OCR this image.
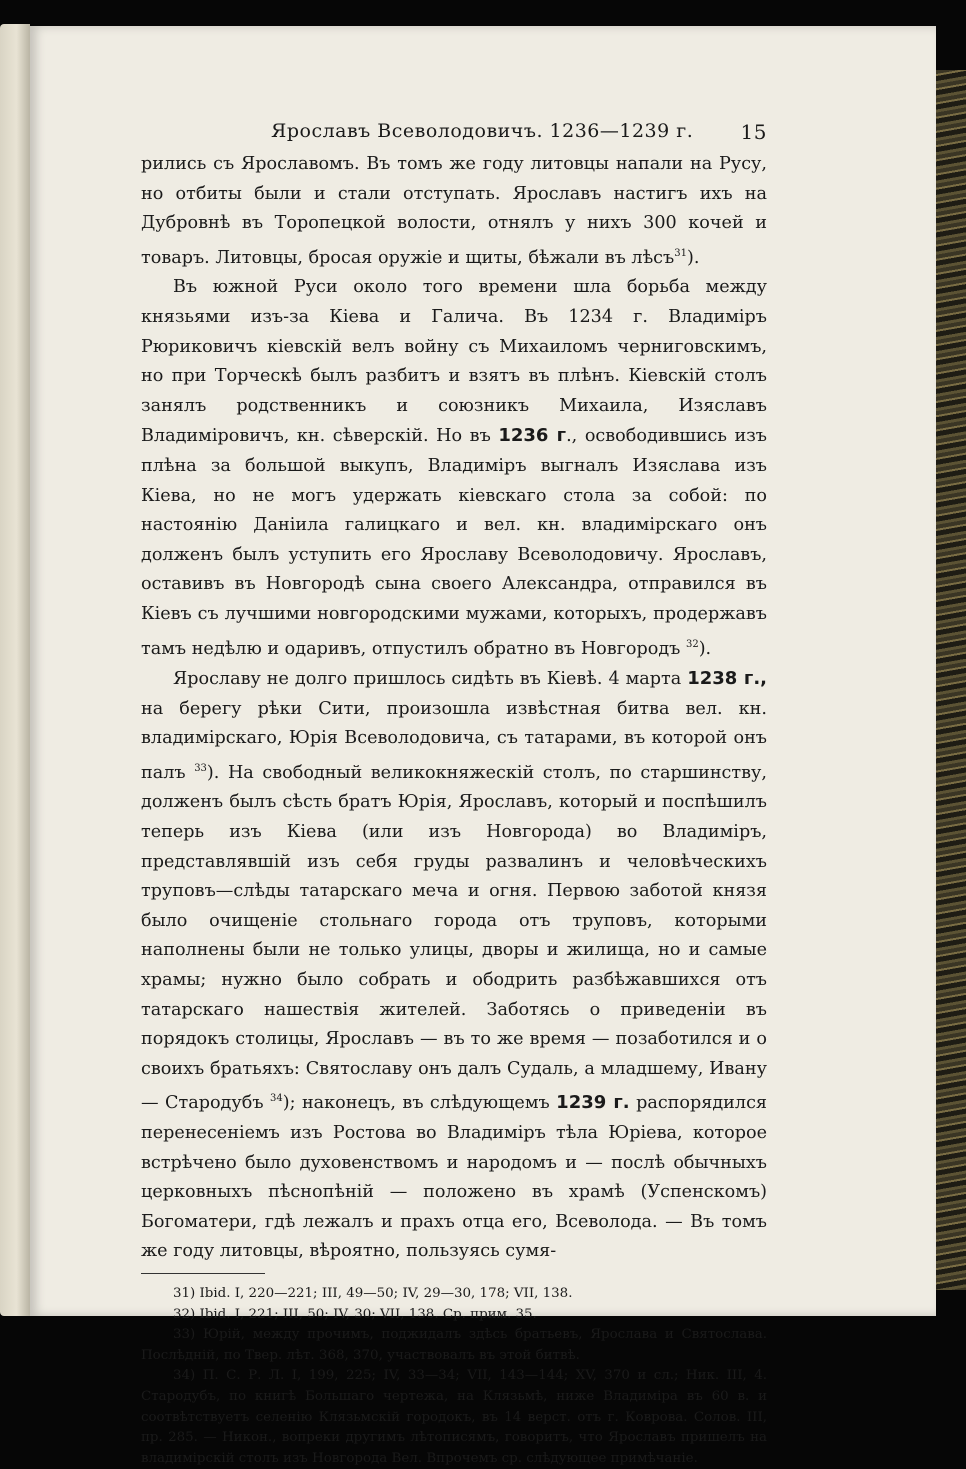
Ярославъ Всеволодовичъ. 1236—1239 г. 15

рились съ Ярославомъ. Въ томъ же году литовцы напали на Русу, но отбиты были и стали отступать. Ярославъ настигъ ихъ на Дубровнѣ въ Торопецкой волости, отнялъ у нихъ 300 кочей и товаръ. Литовцы, бросая оружіе и щиты, бѣжали въ лѣсъ$^{31}$).

Въ южной Руси около того времени шла борьба между князьями изъ-за Кіева и Галича. Въ 1234 г. Владиміръ Рюриковичъ кіевскій велъ войну съ Михаиломъ черниговскимъ, но при Торческѣ былъ разбитъ и взятъ въ плѣнъ. Кіевскій столъ занялъ родственникъ и союзникъ Михаила, Изяславъ Владиміровичъ, кн. сѣверскій. Но въ 1236 г., освободившись изъ плѣна за большой выкупъ, Владиміръ выгналъ Изяслава изъ Кіева, но не могъ удержать кіевскаго стола за собой: по настоянію Даніила галицкаго и вел. кн. владимірскаго онъ долженъ былъ уступить его Ярославу Всеволодовичу. Ярославъ, оставивъ въ Новгородѣ сына своего Александра, отправился въ Кіевъ съ лучшими новгородскими мужами, которыхъ, продержавъ тамъ недѣлю и одаривъ, отпустилъ обратно въ Новгородъ $^{32}$).

Ярославу не долго пришлось сидѣть въ Кіевѣ. 4 марта 1238 г., на берегу рѣки Сити, произошла извѣстная битва вел. кн. владимірскаго, Юрія Всеволодовича, съ татарами, въ которой онъ палъ $^{33}$). На свободный великокняжескій столъ, по старшинству, долженъ былъ сѣсть братъ Юрія, Ярославъ, который и поспѣшилъ теперь изъ Кіева (или изъ Новгорода) во Владиміръ, представлявшій изъ себя груды развалинъ и человѣческихъ труповъ—слѣды татарскаго меча и огня. Первою заботой князя было очищеніе стольнаго города отъ труповъ, которыми наполнены были не только улицы, дворы и жилища, но и самые храмы; нужно было собрать и ободрить разбѣжавшихся отъ татарскаго нашествія жителей. Заботясь о приведеніи въ порядокъ столицы, Ярославъ — въ то же время — позаботился и о своихъ братьяхъ: Святославу онъ далъ Судаль, а младшему, Ивану — Стародубъ $^{34}$); наконецъ, въ слѣдующемъ 1239 г. распорядился перенесеніемъ изъ Ростова во Владиміръ тѣла Юріева, которое встрѣчено было духовенствомъ и народомъ и — послѣ обычныхъ церковныхъ пѣснопѣній — положено въ храмѣ (Успенскомъ) Богоматери, гдѣ лежалъ и прахъ отца его, Всеволода. — Въ томъ же году литовцы, вѣроятно, пользуясь сумя-

31) Ibid. I, 220—221; III, 49—50; IV, 29—30, 178; VII, 138.

32) Ibid. I, 221; III, 50; IV, 30; VII, 138. Ср. прим. 35.

33) Юрій, между прочимъ, поджидалъ здѣсь братьевъ, Ярослава и Святослава. Послѣдній, по Твер. лѣт. 368, 370, участвовалъ въ этой битвѣ.

34) П. С. Р. Л. I, 199, 225; IV, 33—34; VII, 143—144; XV, 370 и сл.; Ник. III, 4. Стародубъ, по книгѣ Большаго чертежа, на Клязьмѣ, ниже Владиміра въ 60 в. и соотвѣтствуетъ селенію Клязьмскій городокъ, въ 14 верст. отъ г. Коврова. Солов. III, пр. 285. — Никон., вопреки другимъ лѣтописямъ, говоритъ, что Ярославъ пришелъ на владимірскій столъ изъ Новгорода Вел. Впрочемъ ср. слѣдующее примѣчаніе.
